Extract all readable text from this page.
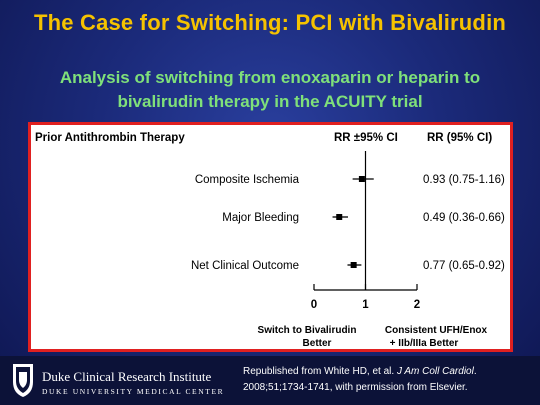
The Case for Switching: PCI with Bivalirudin
Analysis of switching from enoxaparin or heparin to
bivalirudin therapy in the ACUITY trial
Prior Antithrombin Therapy	RR ±95% CI	RR (95% CI)
Composite Ischemia	0.93 (0.75-1.16)
Major Bleeding	0.49 (0.36-0.66)
Net Clinical Outcome	0.77 (0.65-0.92)
0	1	2
Switch to Bivalirudin
Better
Consistent UFH/Enox
+ IIb/IIIa Better
Duke Clinical Research Institute
DUKE UNIVERSITY MEDICAL CENTER
Republished from White HD, et al. J Am Coll Cardiol.
2008;51;1734-1741, with permission from Elsevier.
